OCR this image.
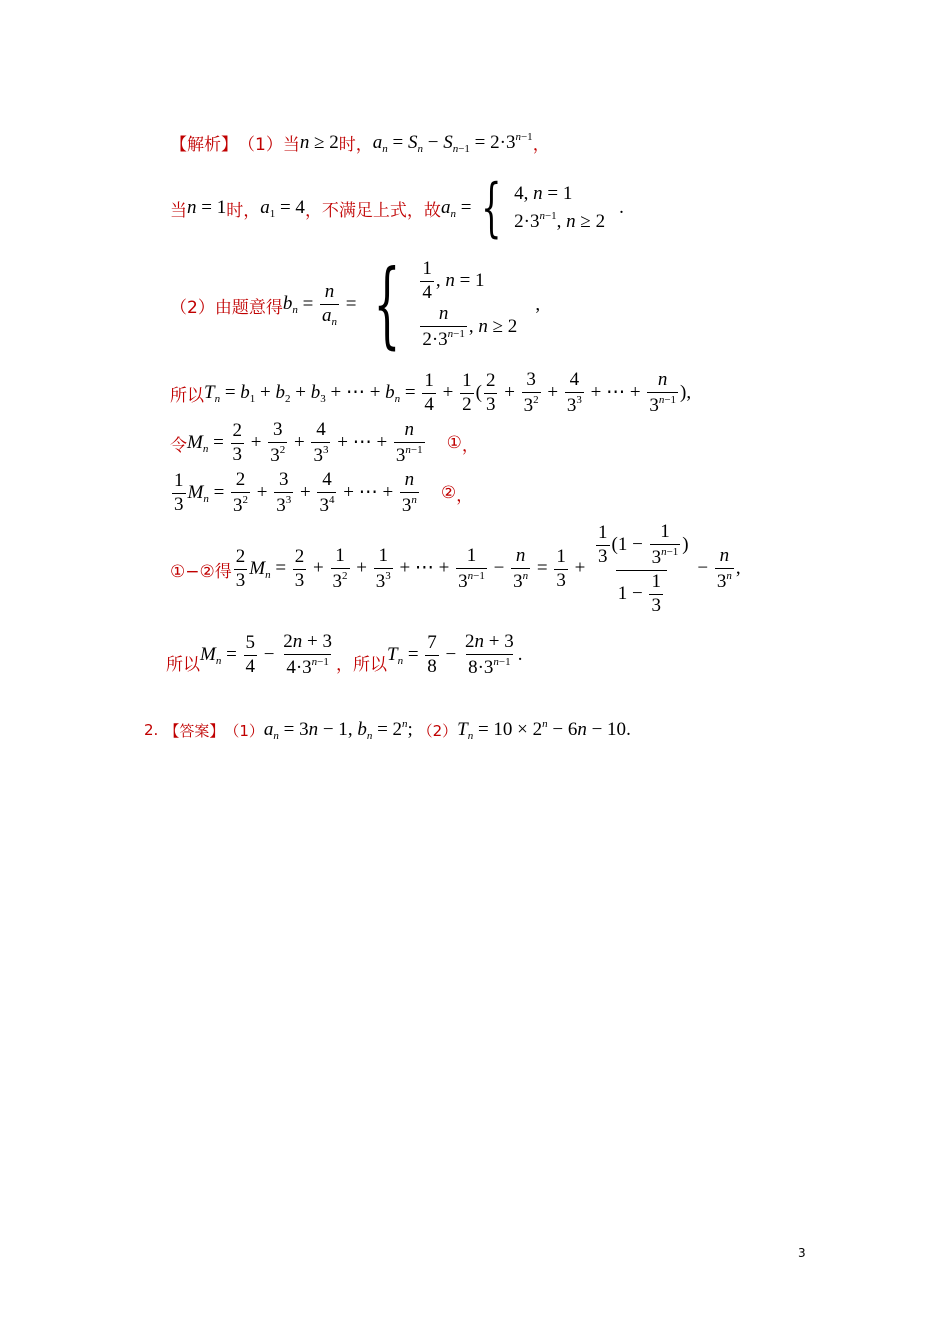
【解析】 （1） 当 n ≥ 2 时， $a_n = S_n - S_{n-1} = 2\cdot 3^{n-1}$ ，
当 n = 1 时， $a_1 = 4$ ，不满足上式，故 $a_n$ = { 4, n = 1
$2\cdot 3^{n-1}$, n ≥ 2
.
（2）由题意得 $b_n = \frac{n}{a_n}$ = { $\frac{1}{4}$ , n = 1
$\frac{n}{2\cdot 3^{n-1}}$ , n ≥ 2
,
所以 $T_n = b_1 + b_2 + b_3$ + ⋯ + $b_n = \frac{1}{4} + \frac{1}{2}$ ( $\frac{2}{3} + \frac{3}{3^2} + \frac{4}{3^3}$ + ⋯ + $\frac{n}{3^{n-1}}$ ),
令 $M_n = \frac{2}{3} + \frac{3}{3^2} + \frac{4}{3^3}$ + ⋯ + $\frac{n}{3^{n-1}}$ ① ，
$\frac{1}{3} M_n = \frac{2}{3^2} + \frac{3}{3^3} + \frac{4}{3^4}$ + ⋯ + $\frac{n}{3^n}$ ② ，
①−②得 $\frac{2}{3} M_n = \frac{2}{3} + \frac{1}{3^2} + \frac{1}{3^3}$ + ⋯ + $\frac{1}{3^{n-1}} - \frac{n}{3^n} = \frac{1}{3} + \frac{\frac{1}{3} (1 - \frac{1}{3^{n-1}} )}{1 - \frac{1}{3}} - \frac{n}{3^n}$ ,
所以
$M_n = \frac{5}{4} - \frac{2n + 3}{4\cdot 3^{n-1}}$ ，所以
$T_n = \frac{7}{8} - \frac{2n + 3}{8\cdot 3^{n-1}}$ .
2. 【答案】 （1） $a_n = 3n - 1$ , $b_n = 2^n$ ; （2） $T_n = 10 \times 2^n - 6n - 10$ .
3
